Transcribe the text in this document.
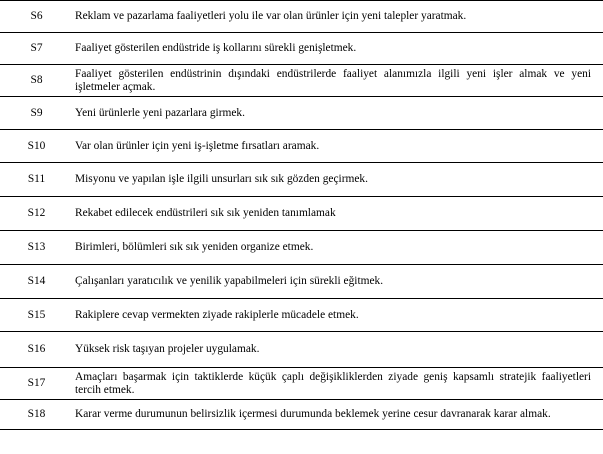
S6	Reklam ve pazarlama faaliyetleri yolu ile var olan ürünler için yeni talepler yaratmak.
S7	Faaliyet gösterilen endüstride iş kollarını sürekli genişletmek.
S8	Faaliyet gösterilen endüstrinin dışındaki endüstrilerde faaliyet alanımızla ilgili yeni işler almak ve yeni işletmeler açmak.
S9	Yeni ürünlerle yeni pazarlara girmek.
S10	Var olan ürünler için yeni iş-işletme fırsatları aramak.
S11	Misyonu ve yapılan işle ilgili unsurları sık sık gözden geçirmek.
S12	Rekabet edilecek endüstrileri sık sık yeniden tanımlamak
S13	Birimleri, bölümleri sık sık yeniden organize etmek.
S14	Çalışanları yaratıcılık ve yenilik yapabilmeleri için sürekli eğitmek.
S15	Rakiplere cevap vermekten ziyade rakiplerle mücadele etmek.
S16	Yüksek risk taşıyan projeler uygulamak.
S17	Amaçları başarmak için taktiklerde küçük çaplı değişikliklerden ziyade geniş kapsamlı stratejik faaliyetleri tercih etmek.
S18	Karar verme durumunun belirsizlik içermesi durumunda beklemek yerine cesur davranarak karar almak.
